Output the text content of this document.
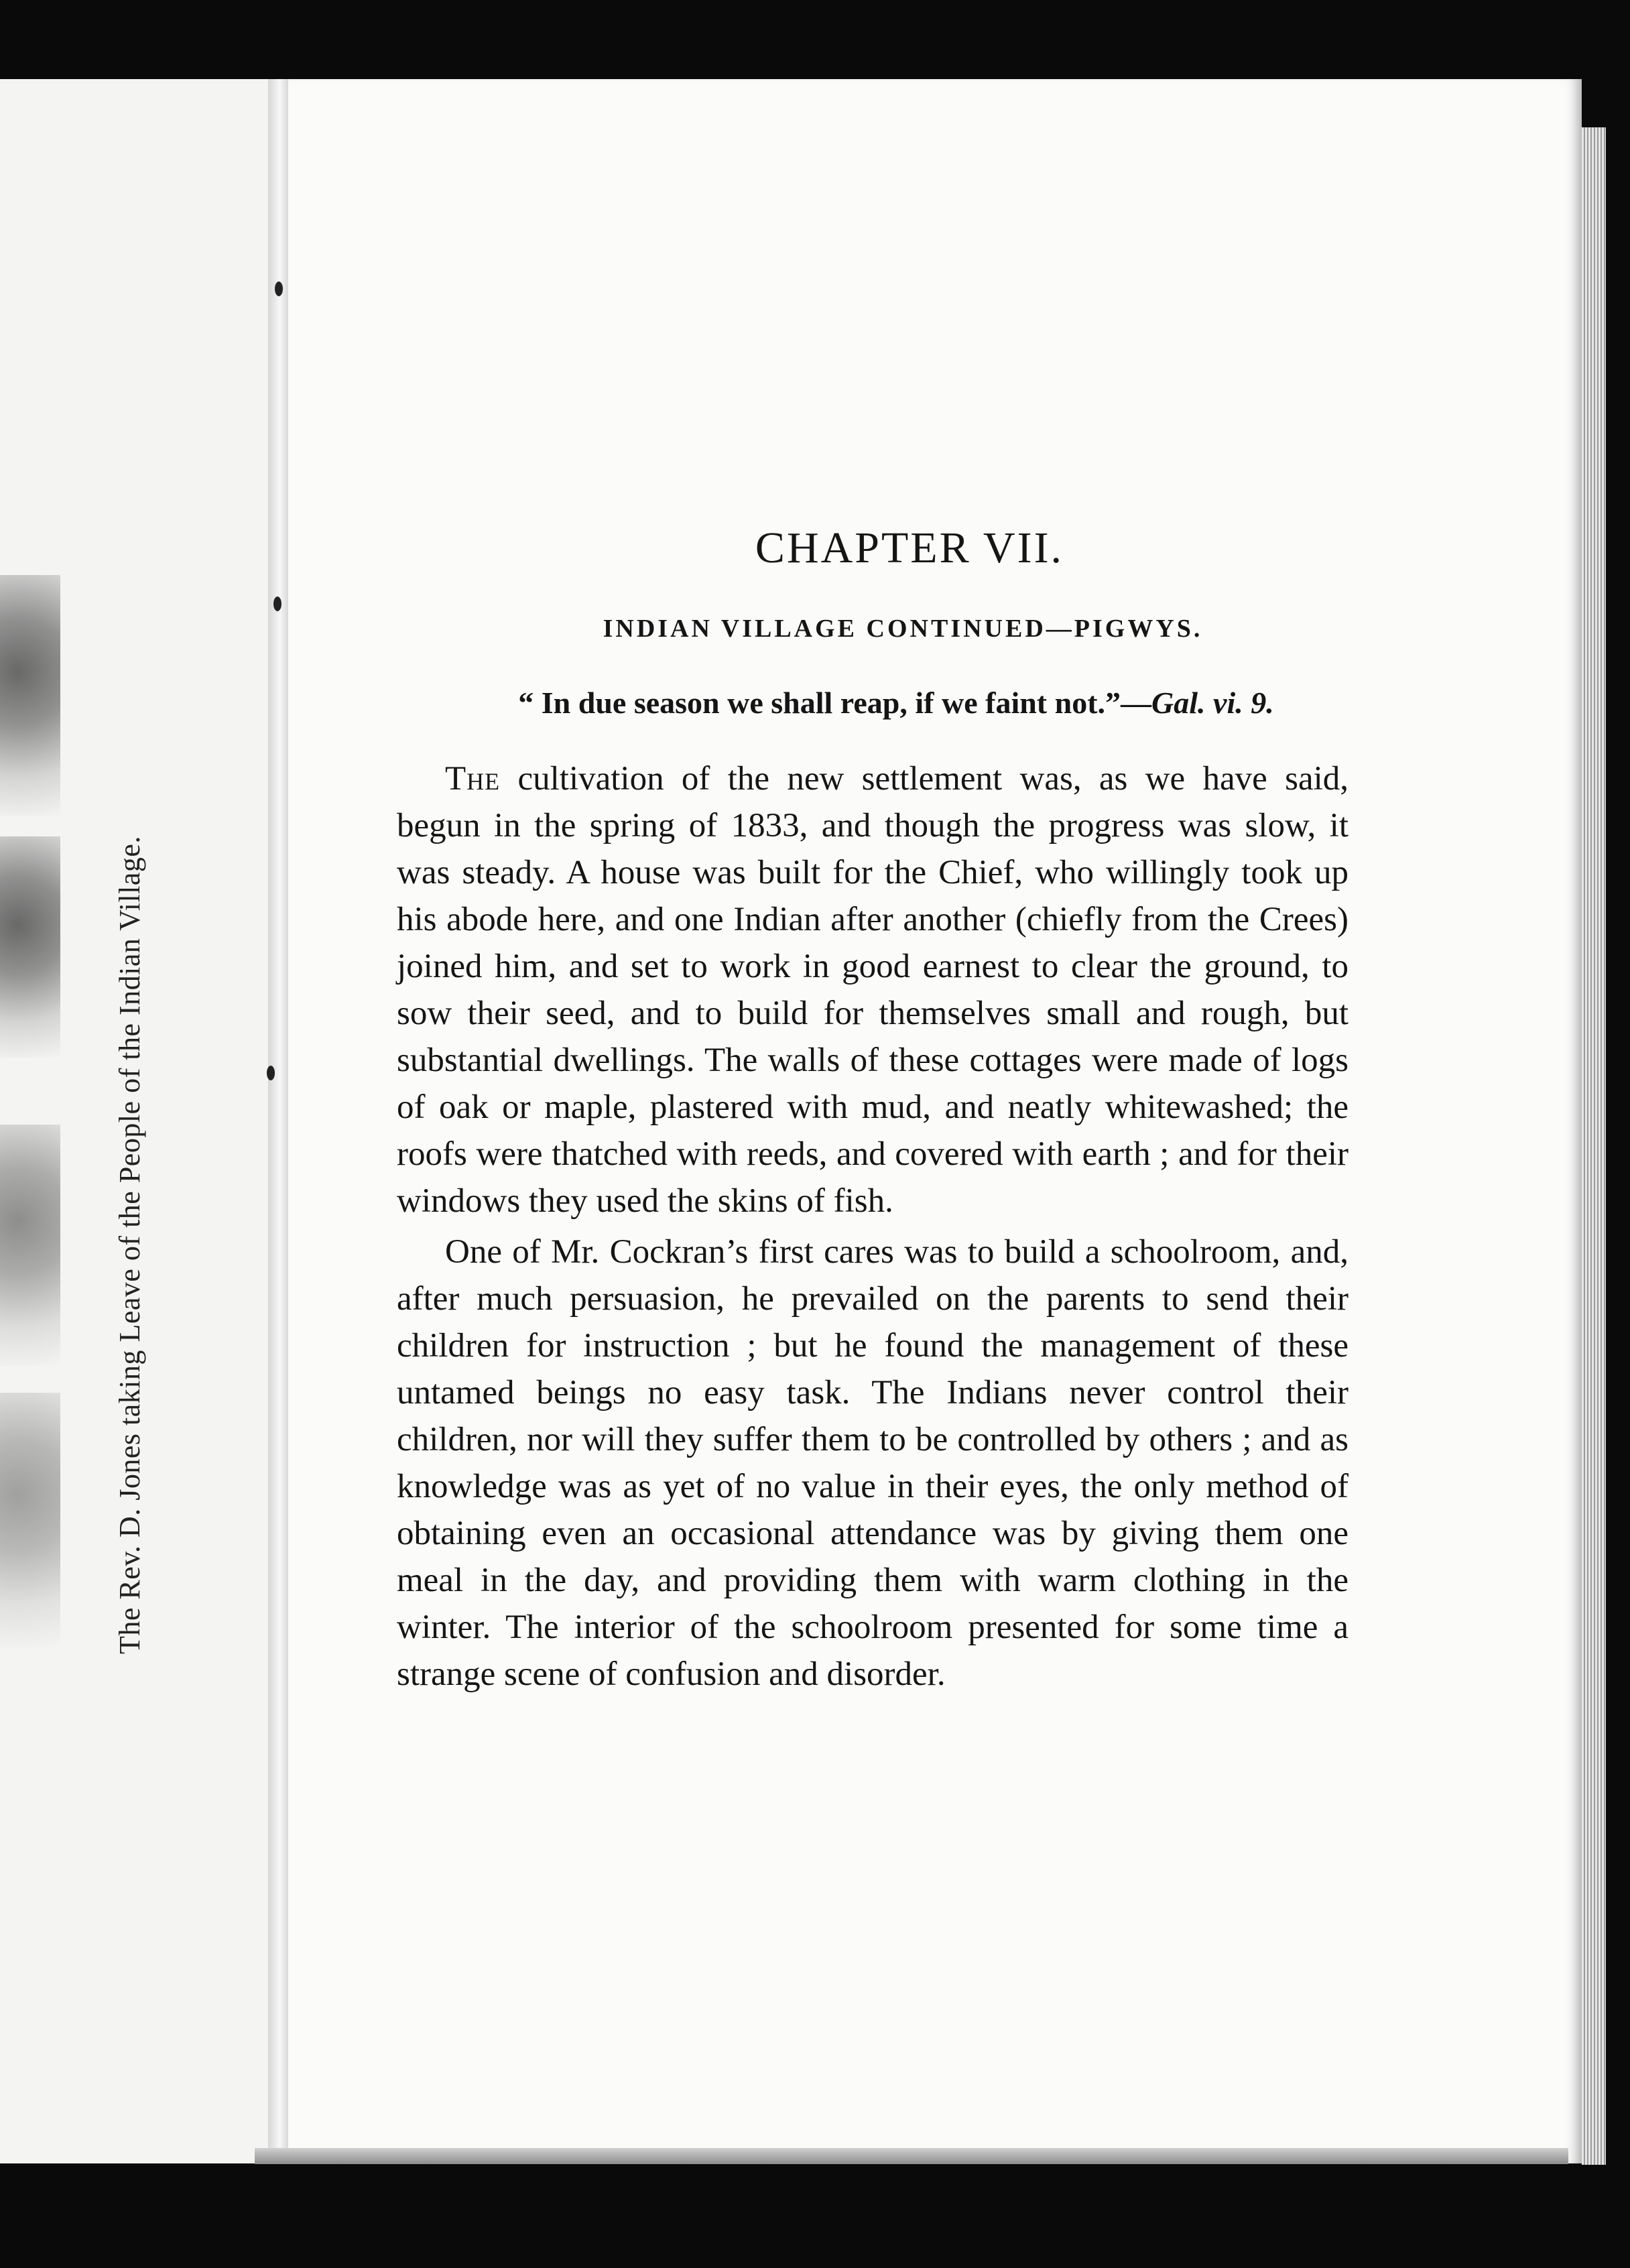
The Rev. D. Jones taking Leave of the People of the Indian Village.
CHAPTER VII.
INDIAN VILLAGE CONTINUED—PIGWYS.
“ In due season we shall reap, if we faint not.”—Gal. vi. 9.

The cultivation of the new settlement was, as we have said, begun in the spring of 1833, and though the progress was slow, it was steady. A house was built for the Chief, who willingly took up his abode here, and one Indian after another (chiefly from the Crees) joined him, and set to work in good earnest to clear the ground, to sow their seed, and to build for themselves small and rough, but substantial dwellings. The walls of these cottages were made of logs of oak or maple, plastered with mud, and neatly whitewashed; the roofs were thatched with reeds, and covered with earth ; and for their windows they used the skins of fish.

One of Mr. Cockran’s first cares was to build a schoolroom, and, after much persuasion, he prevailed on the parents to send their children for instruction ; but he found the management of these untamed beings no easy task. The Indians never control their children, nor will they suffer them to be controlled by others ; and as knowledge was as yet of no value in their eyes, the only method of obtaining even an occasional attendance was by giving them one meal in the day, and providing them with warm clothing in the winter. The interior of the schoolroom presented for some time a strange scene of confusion and disorder.
